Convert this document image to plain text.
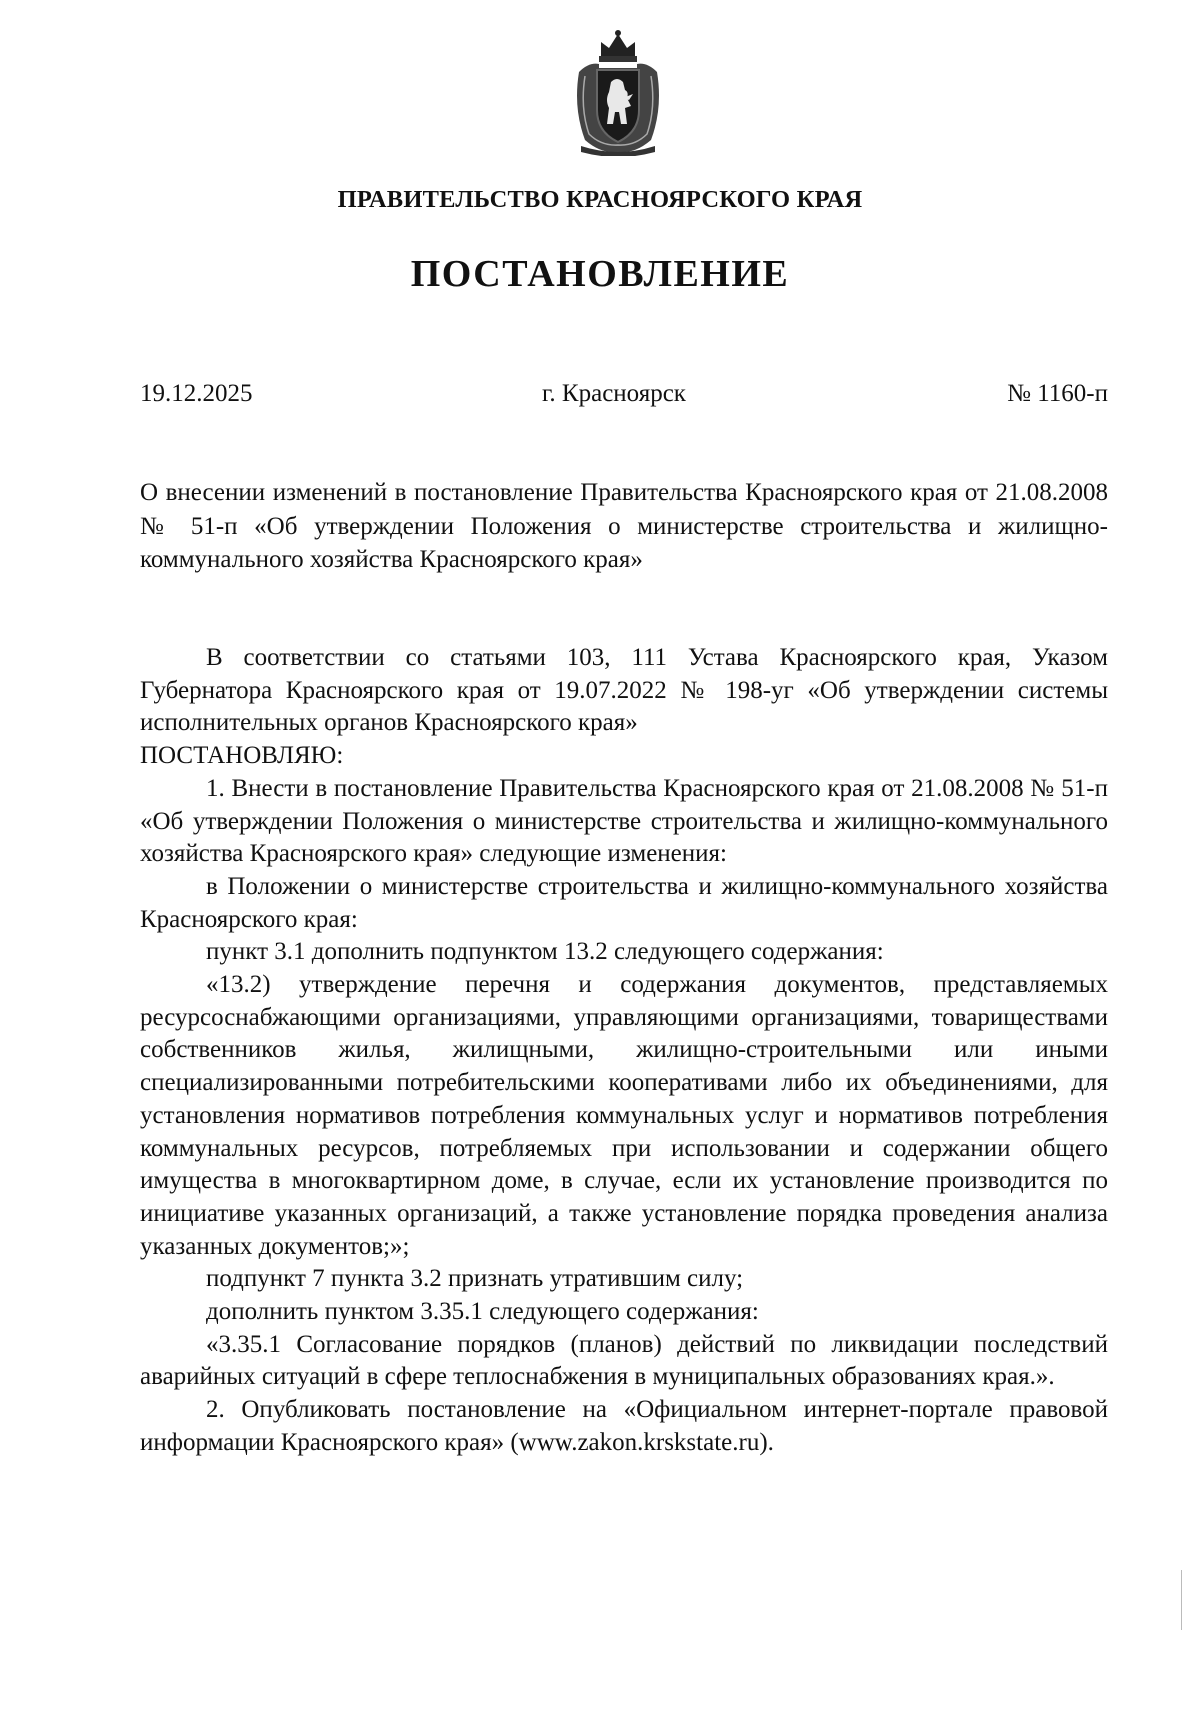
ПРАВИТЕЛЬСТВО КРАСНОЯРСКОГО КРАЯ
ПОСТАНОВЛЕНИЕ
19.12.2025	г. Красноярск	№ 1160-п
О внесении изменений в постановление Правительства Красноярского края от 21.08.2008 № 51-п «Об утверждении Положения о министерстве строительства и жилищно-коммунального хозяйства Красноярского края»

В соответствии со статьями 103, 111 Устава Красноярского края, Указом Губернатора Красноярского края от 19.07.2022 № 198-уг «Об утверждении системы исполнительных органов Красноярского края»

ПОСТАНОВЛЯЮ:

1. Внести в постановление Правительства Красноярского края от 21.08.2008 № 51-п «Об утверждении Положения о министерстве строительства и жилищно-коммунального хозяйства Красноярского края» следующие изменения:

в Положении о министерстве строительства и жилищно-коммунального хозяйства Красноярского края:

пункт 3.1 дополнить подпунктом 13.2 следующего содержания:

«13.2) утверждение перечня и содержания документов, представляемых ресурсоснабжающими организациями, управляющими организациями, товариществами собственников жилья, жилищными, жилищно-строительными или иными специализированными потребительскими кооперативами либо их объединениями, для установления нормативов потребления коммунальных услуг и нормативов потребления коммунальных ресурсов, потребляемых при использовании и содержании общего имущества в многоквартирном доме, в случае, если их установление производится по инициативе указанных организаций, а также установление порядка проведения анализа указанных документов;»;

подпункт 7 пункта 3.2 признать утратившим силу;

дополнить пунктом 3.35.1 следующего содержания:

«3.35.1 Согласование порядков (планов) действий по ликвидации последствий аварийных ситуаций в сфере теплоснабжения в муниципальных образованиях края.».

2. Опубликовать постановление на «Официальном интернет-портале правовой информации Красноярского края» (www.zakon.krskstate.ru).
